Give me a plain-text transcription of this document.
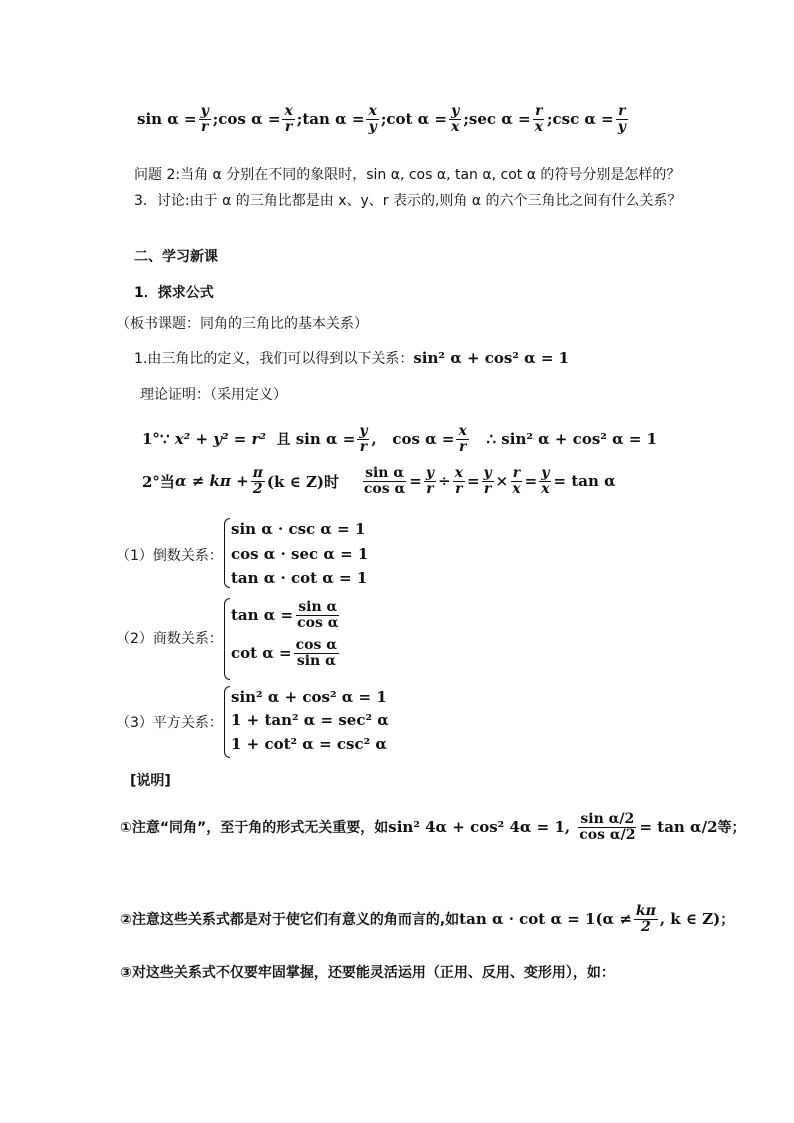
$\sin \alpha = \frac{y}{r}$ ; $\cos \alpha = \frac{x}{r}$ ; $\tan \alpha = \frac{x}{y}$ ; $\cot \alpha = \frac{y}{x}$ ; $\sec \alpha = \frac{r}{x}$ ; $\csc \alpha = \frac{r}{y}$
问题 2:当角 α 分别在不同的象限时，sin α, cos α, tan α, cot α 的符号分别是怎样的？
3．讨论:由于 α 的三角比都是由 x、y、r 表示的,则角 α 的六个三角比之间有什么关系？
二、学习新课
1．探求公式
（板书课题：同角的三角比的基本关系）
1.由三角比的定义，我们可以得到以下关系： sin² α + cos² α = 1
理论证明：（采用定义）
1° ∵
x² + y² = r²
且
$\sin \alpha = \frac{y}{r}$ , $\cos \alpha = \frac{x}{r}$
∴
sin² α + cos² α = 1
2°当 $\alpha \ne k\pi + \frac{\pi}{2} (k$ ∈ Z)时
$\frac{\text{sin α}}{\text{cos α}} = \frac{y}{r} \div \frac{x}{r} = \frac{y}{r} \times \frac{r}{x} = \frac{y}{x} = \tan \alpha$
（1）倒数关系：
sin α · csc α = 1
cos α · sec α = 1
tan α · cot α = 1
（2）商数关系：
$\tan \alpha = \frac{\text{sin α}}{\text{cos α}}$
$\cot \alpha = \frac{\text{cos α}}{\text{sin α}}$
（3）平方关系：
sin² α + cos² α = 1
1 + tan² α = sec² α
1 + cot² α = csc² α
[说明]
①注意“同角”，至于角的形式无关重要，如 sin² 4α + cos² 4α = 1,
$\frac{\text{sin α/2}}{\text{cos α/2}} = \tan \alpha/2$ 等；
②注意这些关系式都是对于使它们有意义的角而言的,如 tan α · cot α = 1 ($\alpha \ne \frac{k\pi}{2}$ , k ∈ Z) ；
③对这些关系式不仅要牢固掌握，还要能灵活运用（正用、反用、变形用），如：
